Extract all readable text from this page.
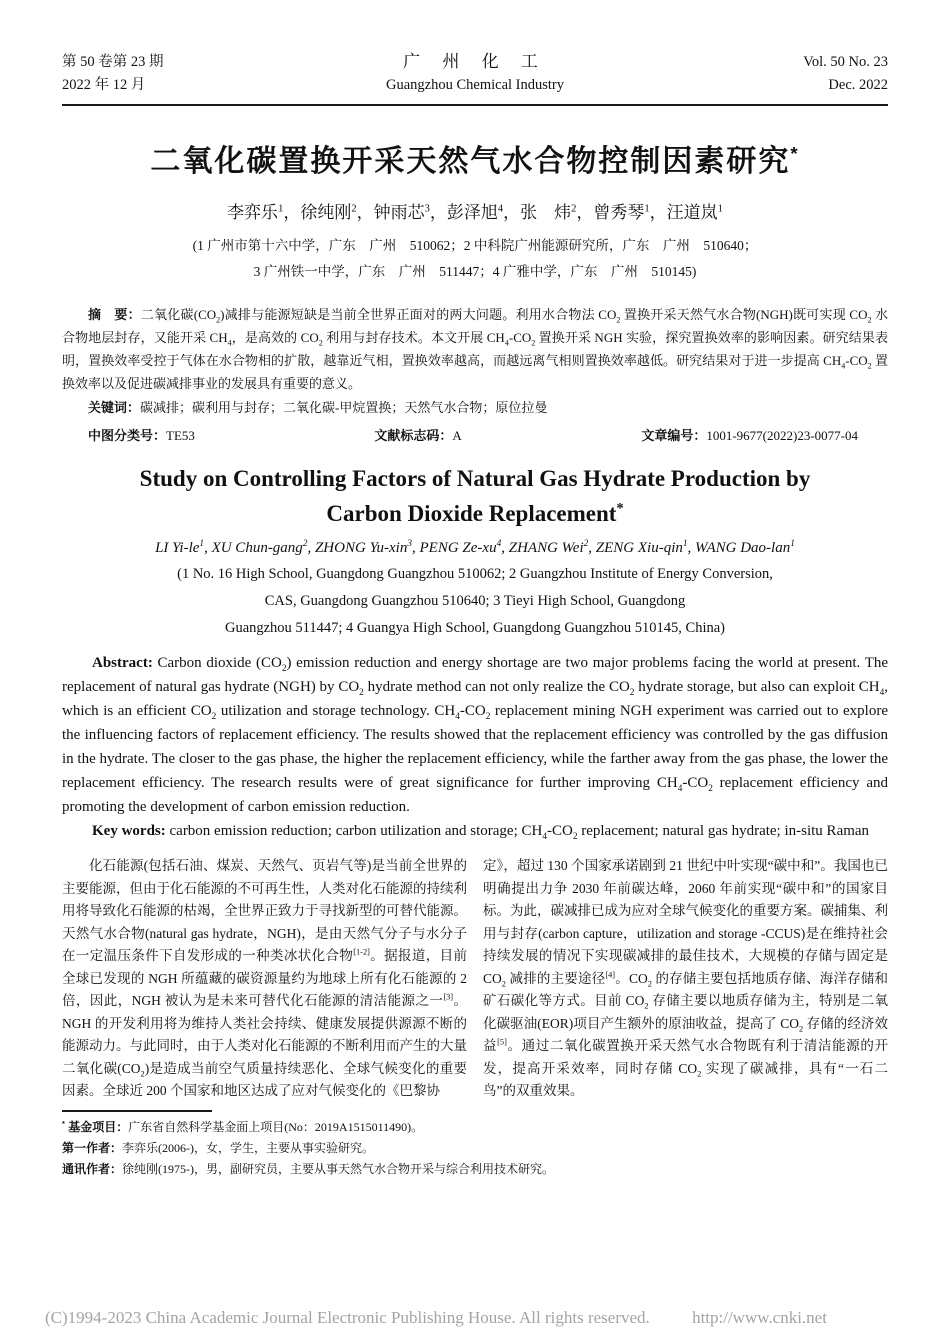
第 50 卷第 23 期
2022 年 12 月
广 州 化 工
Guangzhou Chemical Industry
Vol. 50 No. 23
Dec. 2022
二氧化碳置换开采天然气水合物控制因素研究*
李弈乐$^1$，徐纯刚$^2$，钟雨芯$^3$，彭泽旭$^4$，张　炜$^2$，曾秀琴$^1$，汪道岚$^1$
(1 广州市第十六中学，广东　广州　510062；2 中科院广州能源研究所，广东　广州　510640；
3 广州铁一中学，广东　广州　511447；4 广雅中学，广东　广州　510145)

摘　要：二氧化碳$(CO_2)$减排与能源短缺是当前全世界正面对的两大问题。利用水合物法 $CO_2$ 置换开采天然气水合物(NGH)既可实现 $CO_2$ 水合物地层封存，又能开采 $CH_4$，是高效的 $CO_2$ 利用与封存技术。本文开展 $CH_4-CO_2$ 置换开采 NGH 实验，探究置换效率的影响因素。研究结果表明，置换效率受控于气体在水合物相的扩散，越靠近气相，置换效率越高，而越远离气相则置换效率越低。研究结果对于进一步提高 $CH_4-CO_2$ 置换效率以及促进碳减排事业的发展具有重要的意义。

关键词：碳减排；碳利用与封存；二氧化碳-甲烷置换；天然气水合物；原位拉曼

中图分类号：TE53	文献标志码：A	文章编号：1001-9677(2022)23-0077-04
Study on Controlling Factors of Natural Gas Hydrate Production by
Carbon Dioxide Replacement*
LI $Yi-le^1$, XU Chun-gang$^2$, ZHONG Yu-xin$^3$, PENG $Ze-xu^4$, ZHANG Wei$^2$, ZENG Xiu-qin$^1$, WANG Dao-lan$^1$
(1 No. 16 High School, Guangdong Guangzhou 510062; 2 Guangzhou Institute of Energy Conversion,
CAS, Guangdong Guangzhou 510640; 3 Tieyi High School, Guangdong
Guangzhou 511447; 4 Guangya High School, Guangdong Guangzhou 510145, China)

Abstract: Carbon dioxide $(CO_2)$ emission reduction and energy shortage are two major problems facing the world at present. The replacement of natural gas hydrate (NGH) by $CO_2$ hydrate method can not only realize the $CO_2$ hydrate storage, but also can exploit $CH_4$, which is an efficient $CO_2$ utilization and storage technology. $CH_4-CO_2$ replacement mining NGH experiment was carried out to explore the influencing factors of replacement efficiency. The results showed that the replacement efficiency was controlled by the gas diffusion in the hydrate. The closer to the gas phase, the higher the replacement efficiency, while the farther away from the gas phase, the lower the replacement efficiency. The research results were of great significance for further improving $CH_4-CO_2$ replacement efficiency and promoting the development of carbon emission reduction.

Key words: carbon emission reduction; carbon utilization and storage; $CH_4-CO_2$ replacement; natural gas hydrate; in-situ Raman

化石能源(包括石油、煤炭、天然气、页岩气等)是当前全世界的主要能源，但由于化石能源的不可再生性，人类对化石能源的持续利用将导致化石能源的枯竭，全世界正致力于寻找新型的可替代能源。天然气水合物(natural gas hydrate，NGH)，是由天然气分子与水分子在一定温压条件下自发形成的一种类冰状化合物[1-2]。据报道，目前全球已发现的 NGH 所蕴藏的碳资源量约为地球上所有化石能源的 2 倍，因此，NGH 被认为是未来可替代化石能源的清洁能源之一[3]。NGH 的开发利用将为维持人类社会持续、健康发展提供源源不断的能源动力。与此同时，由于人类对化石能源的不断利用而产生的大量二氧化碳$(CO_2)$是造成当前空气质量持续恶化、全球气候变化的重要因素。全球近 200 个国家和地区达成了应对气候变化的《巴黎协

定》，超过 130 个国家承诺剧到 21 世纪中叶实现“碳中和”。我国也已明确提出力争 2030 年前碳达峰，2060 年前实现“碳中和”的国家目标。为此，碳减排已成为应对全球气候变化的重要方案。碳捕集、利用与封存(carbon capture，utilization and storage -CCUS)是在维持社会持续发展的情况下实现碳减排的最佳技术，大规模的存储与固定是 $CO_2$ 减排的主要途径[4]。$CO_2$ 的存储主要包括地质存储、海洋存储和矿石碳化等方式。目前 $CO_2$ 存储主要以地质存储为主，特别是二氧化碳驱油(EOR)项目产生额外的原油收益，提高了 $CO_2$ 存储的经济效益[5]。通过二氧化碳置换开采天然气水合物既有利于清洁能源的开发，提高开采效率，同时存储 $CO_2$ 实现了碳减排，具有“一石二鸟”的双重效果。

* 基金项目：广东省自然科学基金面上项目(No：2019A1515011490)。
第一作者：李弈乐(2006-)，女，学生，主要从事实验研究。
通讯作者：徐纯刚(1975-)，男，副研究员，主要从事天然气水合物开采与综合利用技术研究。
(C)1994-2023 China Academic Journal Electronic Publishing House. All rights reserved. http://www.cnki.net
